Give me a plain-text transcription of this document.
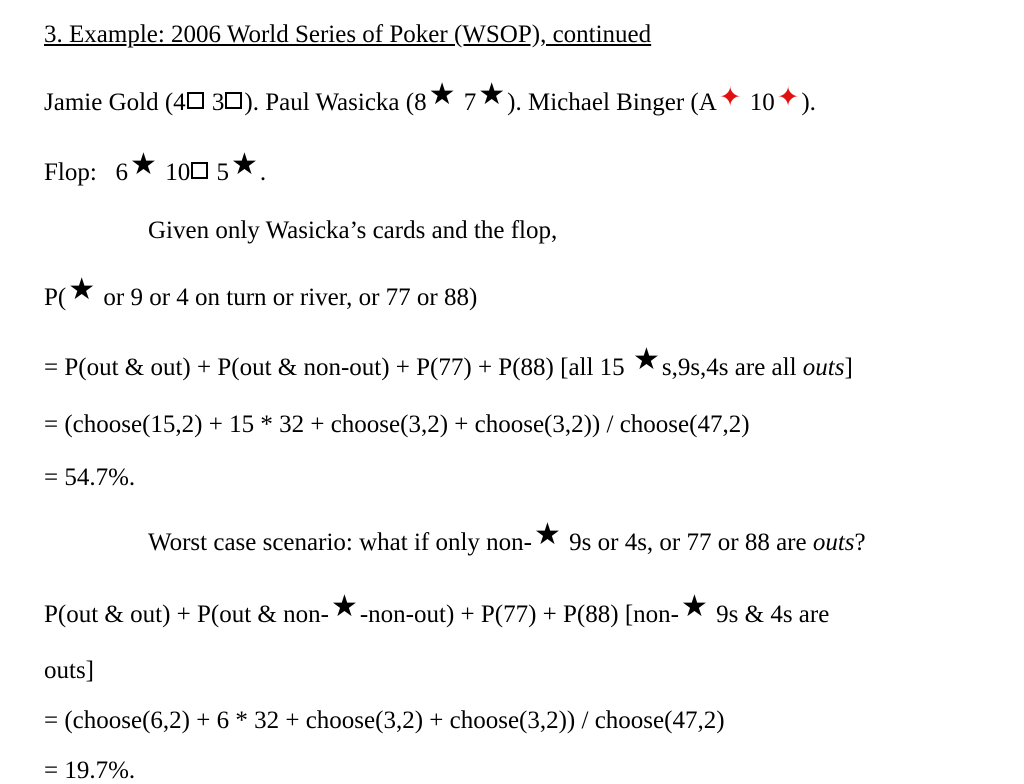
3. Example: 2006 World Series of Poker (WSOP), continued
Jamie Gold (4 3 ). Paul Wasicka (8★ 7★). Michael Binger (A✦ 10✦).
Flop:   6★ 10 5★.
Given only Wasicka’s cards and the flop,
P(★ or 9 or 4 on turn or river, or 77 or 88)
= P(out & out) + P(out & non-out) + P(77) + P(88) [all 15 ★s,9s,4s are all outs]
= (choose(15,2) + 15 * 32 + choose(3,2) + choose(3,2)) / choose(47,2)
= 54.7%.
Worst case scenario: what if only non-★ 9s or 4s, or 77 or 88 are outs?
P(out & out) + P(out & non-★-non-out) + P(77) + P(88) [non-★ 9s & 4s are
outs]
= (choose(6,2) + 6 * 32 + choose(3,2) + choose(3,2)) / choose(47,2)
= 19.7%.
